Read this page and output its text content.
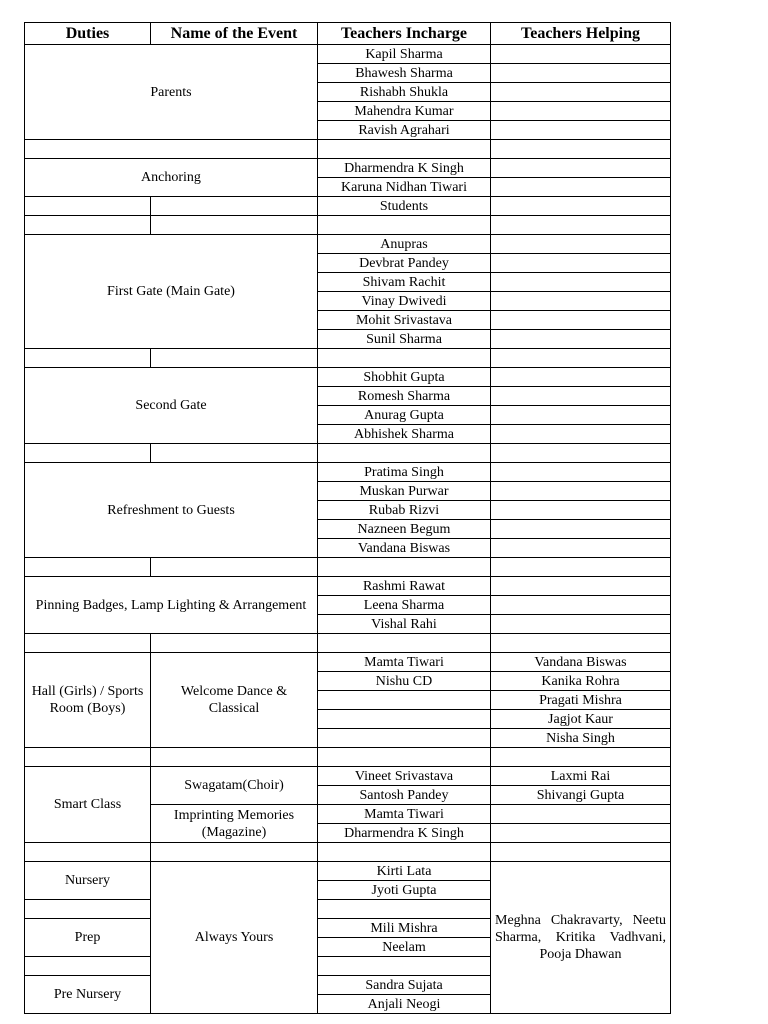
Duties	Name of the Event	Teachers Incharge	Teachers Helping
Parents		Kapil Sharma	
		Bhawesh Sharma	
		Rishabh Shukla	
		Mahendra Kumar	
		Ravish Agrahari	

Anchoring		Dharmendra K Singh	
		Karuna Nidhan Tiwari	
		Students	

First Gate (Main Gate)		Anupras	
		Devbrat Pandey	
		Shivam Rachit	
		Vinay Dwivedi	
		Mohit Srivastava	
		Sunil Sharma	

Second Gate		Shobhit Gupta	
		Romesh Sharma	
		Anurag Gupta	
		Abhishek Sharma	

Refreshment to Guests		Pratima Singh	
		Muskan Purwar	
		Rubab Rizvi	
		Nazneen Begum	
		Vandana Biswas	

Pinning Badges, Lamp Lighting & Arrangement		Rashmi Rawat	
		Leena Sharma	
		Vishal Rahi	

Hall (Girls) / Sports Room (Boys)	Welcome Dance & Classical	Mamta Tiwari	Vandana Biswas
		Nishu CD	Kanika Rohra
			Pragati Mishra
			Jagjot Kaur
			Nisha Singh

Smart Class	Swagatam(Choir)	Vineet Srivastava	Laxmi Rai
		Santosh Pandey	Shivangi Gupta
	Imprinting Memories (Magazine)	Mamta Tiwari	
		Dharmendra K Singh	

Nursery	Always Yours	Kirti Lata	Meghna Chakravarty, Neetu Sharma, Kritika Vadhvani, Pooja Dhawan
		Jyoti Gupta	

Prep		Mili Mishra	
		Neelam	

Pre Nursery		Sandra Sujata	
		Anjali Neogi	
